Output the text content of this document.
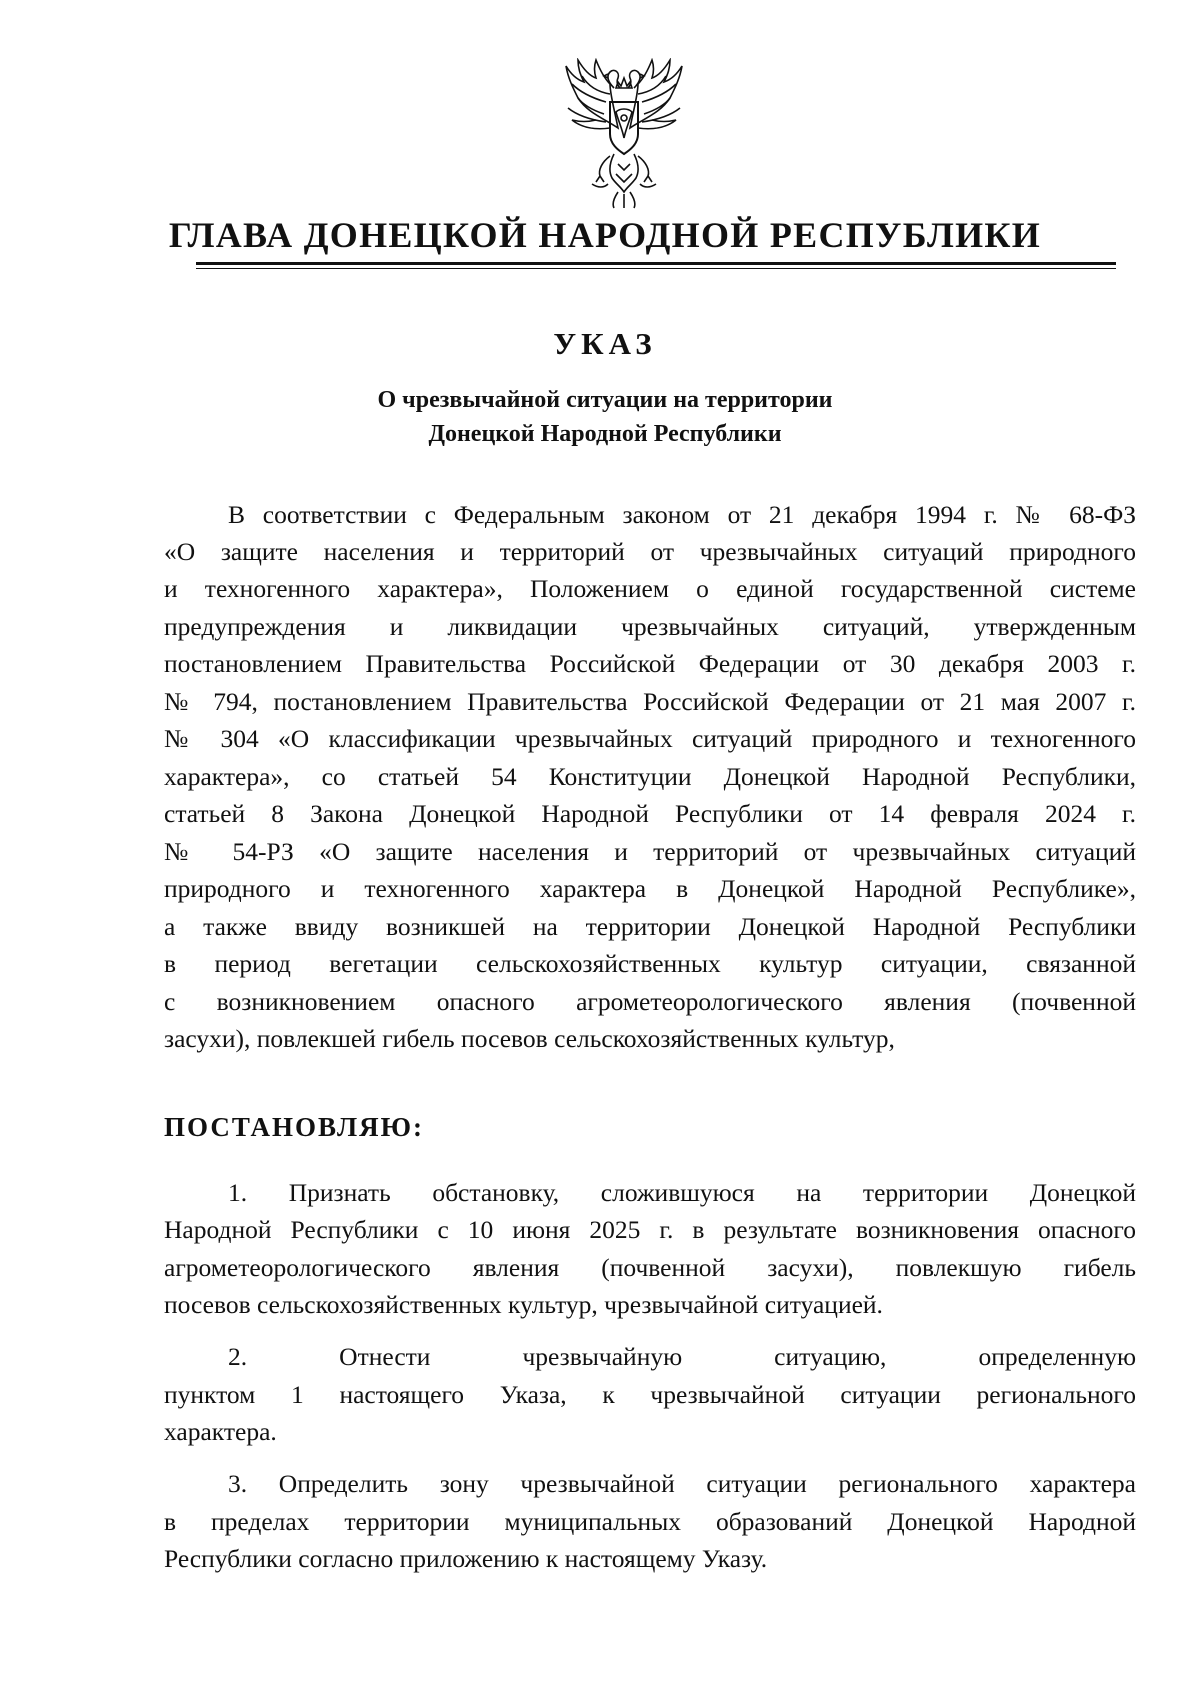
ГЛАВА ДОНЕЦКОЙ НАРОДНОЙ РЕСПУБЛИКИ
УКАЗ
О чрезвычайной ситуации на территории
Донецкой Народной Республики
В соответствии с Федеральным законом от 21 декабря 1994 г. № 68-ФЗ
«О защите населения и территорий от чрезвычайных ситуаций природного
и техногенного характера», Положением о единой государственной системе
предупреждения и ликвидации чрезвычайных ситуаций, утвержденным
постановлением Правительства Российской Федерации от 30 декабря 2003 г.
№ 794, постановлением Правительства Российской Федерации от 21 мая 2007 г.
№ 304 «О классификации чрезвычайных ситуаций природного и техногенного
характера», со статьей 54 Конституции Донецкой Народной Республики,
статьей 8 Закона Донецкой Народной Республики от 14 февраля 2024 г.
№ 54-РЗ «О защите населения и территорий от чрезвычайных ситуаций
природного и техногенного характера в Донецкой Народной Республике»,
а также ввиду возникшей на территории Донецкой Народной Республики
в период вегетации сельскохозяйственных культур ситуации, связанной
с возникновением опасного агрометеорологического явления (почвенной
засухи), повлекшей гибель посевов сельскохозяйственных культур,
ПОСТАНОВЛЯЮ:
1. Признать обстановку, сложившуюся на территории Донецкой
Народной Республики с 10 июня 2025 г. в результате возникновения опасного
агрометеорологического явления (почвенной засухи), повлекшую гибель
посевов сельскохозяйственных культур, чрезвычайной ситуацией.
2. Отнести чрезвычайную ситуацию, определенную
пунктом 1 настоящего Указа, к чрезвычайной ситуации регионального
характера.
3. Определить зону чрезвычайной ситуации регионального характера
в пределах территории муниципальных образований Донецкой Народной
Республики согласно приложению к настоящему Указу.
